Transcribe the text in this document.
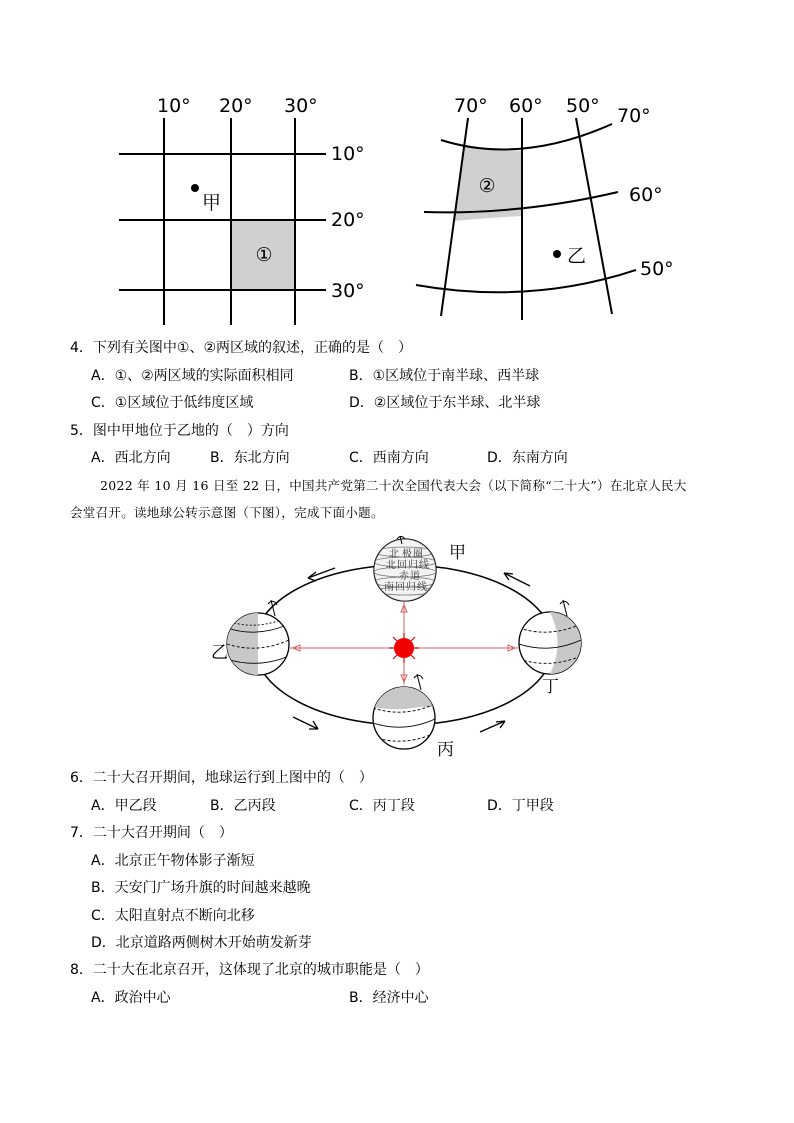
10° 20° 30°
10°
20°
30°
甲
①
70° 60° 50° 70°
60°
50°
乙
②
4．下列有关图中①、②两区域的叙述，正确的是（　）
A．①、②两区域的实际面积相同	B．①区域位于南半球、西半球
C．①区域位于低纬度区域	D．②区域位于东半球、北半球
5．图中甲地位于乙地的（　）方向
A．西北方向	B．东北方向	C．西南方向	D．东南方向
2022 年 10 月 16 日至 22 日，中国共产党第二十次全国代表大会（以下简称“二十大”）在北京人民大
会堂召开。读地球公转示意图（下图），完成下面小题。
北 极 圈
北 回 归 线
赤 道
南 回 归 线
甲
乙
丁
丙
6．二十大召开期间，地球运行到上图中的（　）
A．甲乙段	B．乙丙段	C．丙丁段	D．丁甲段
7．二十大召开期间（　）
A．北京正午物体影子渐短
B．天安门广场升旗的时间越来越晚
C．太阳直射点不断向北移
D．北京道路两侧树木开始萌发新芽
8．二十大在北京召开，这体现了北京的城市职能是（　）
A．政治中心	B．经济中心
